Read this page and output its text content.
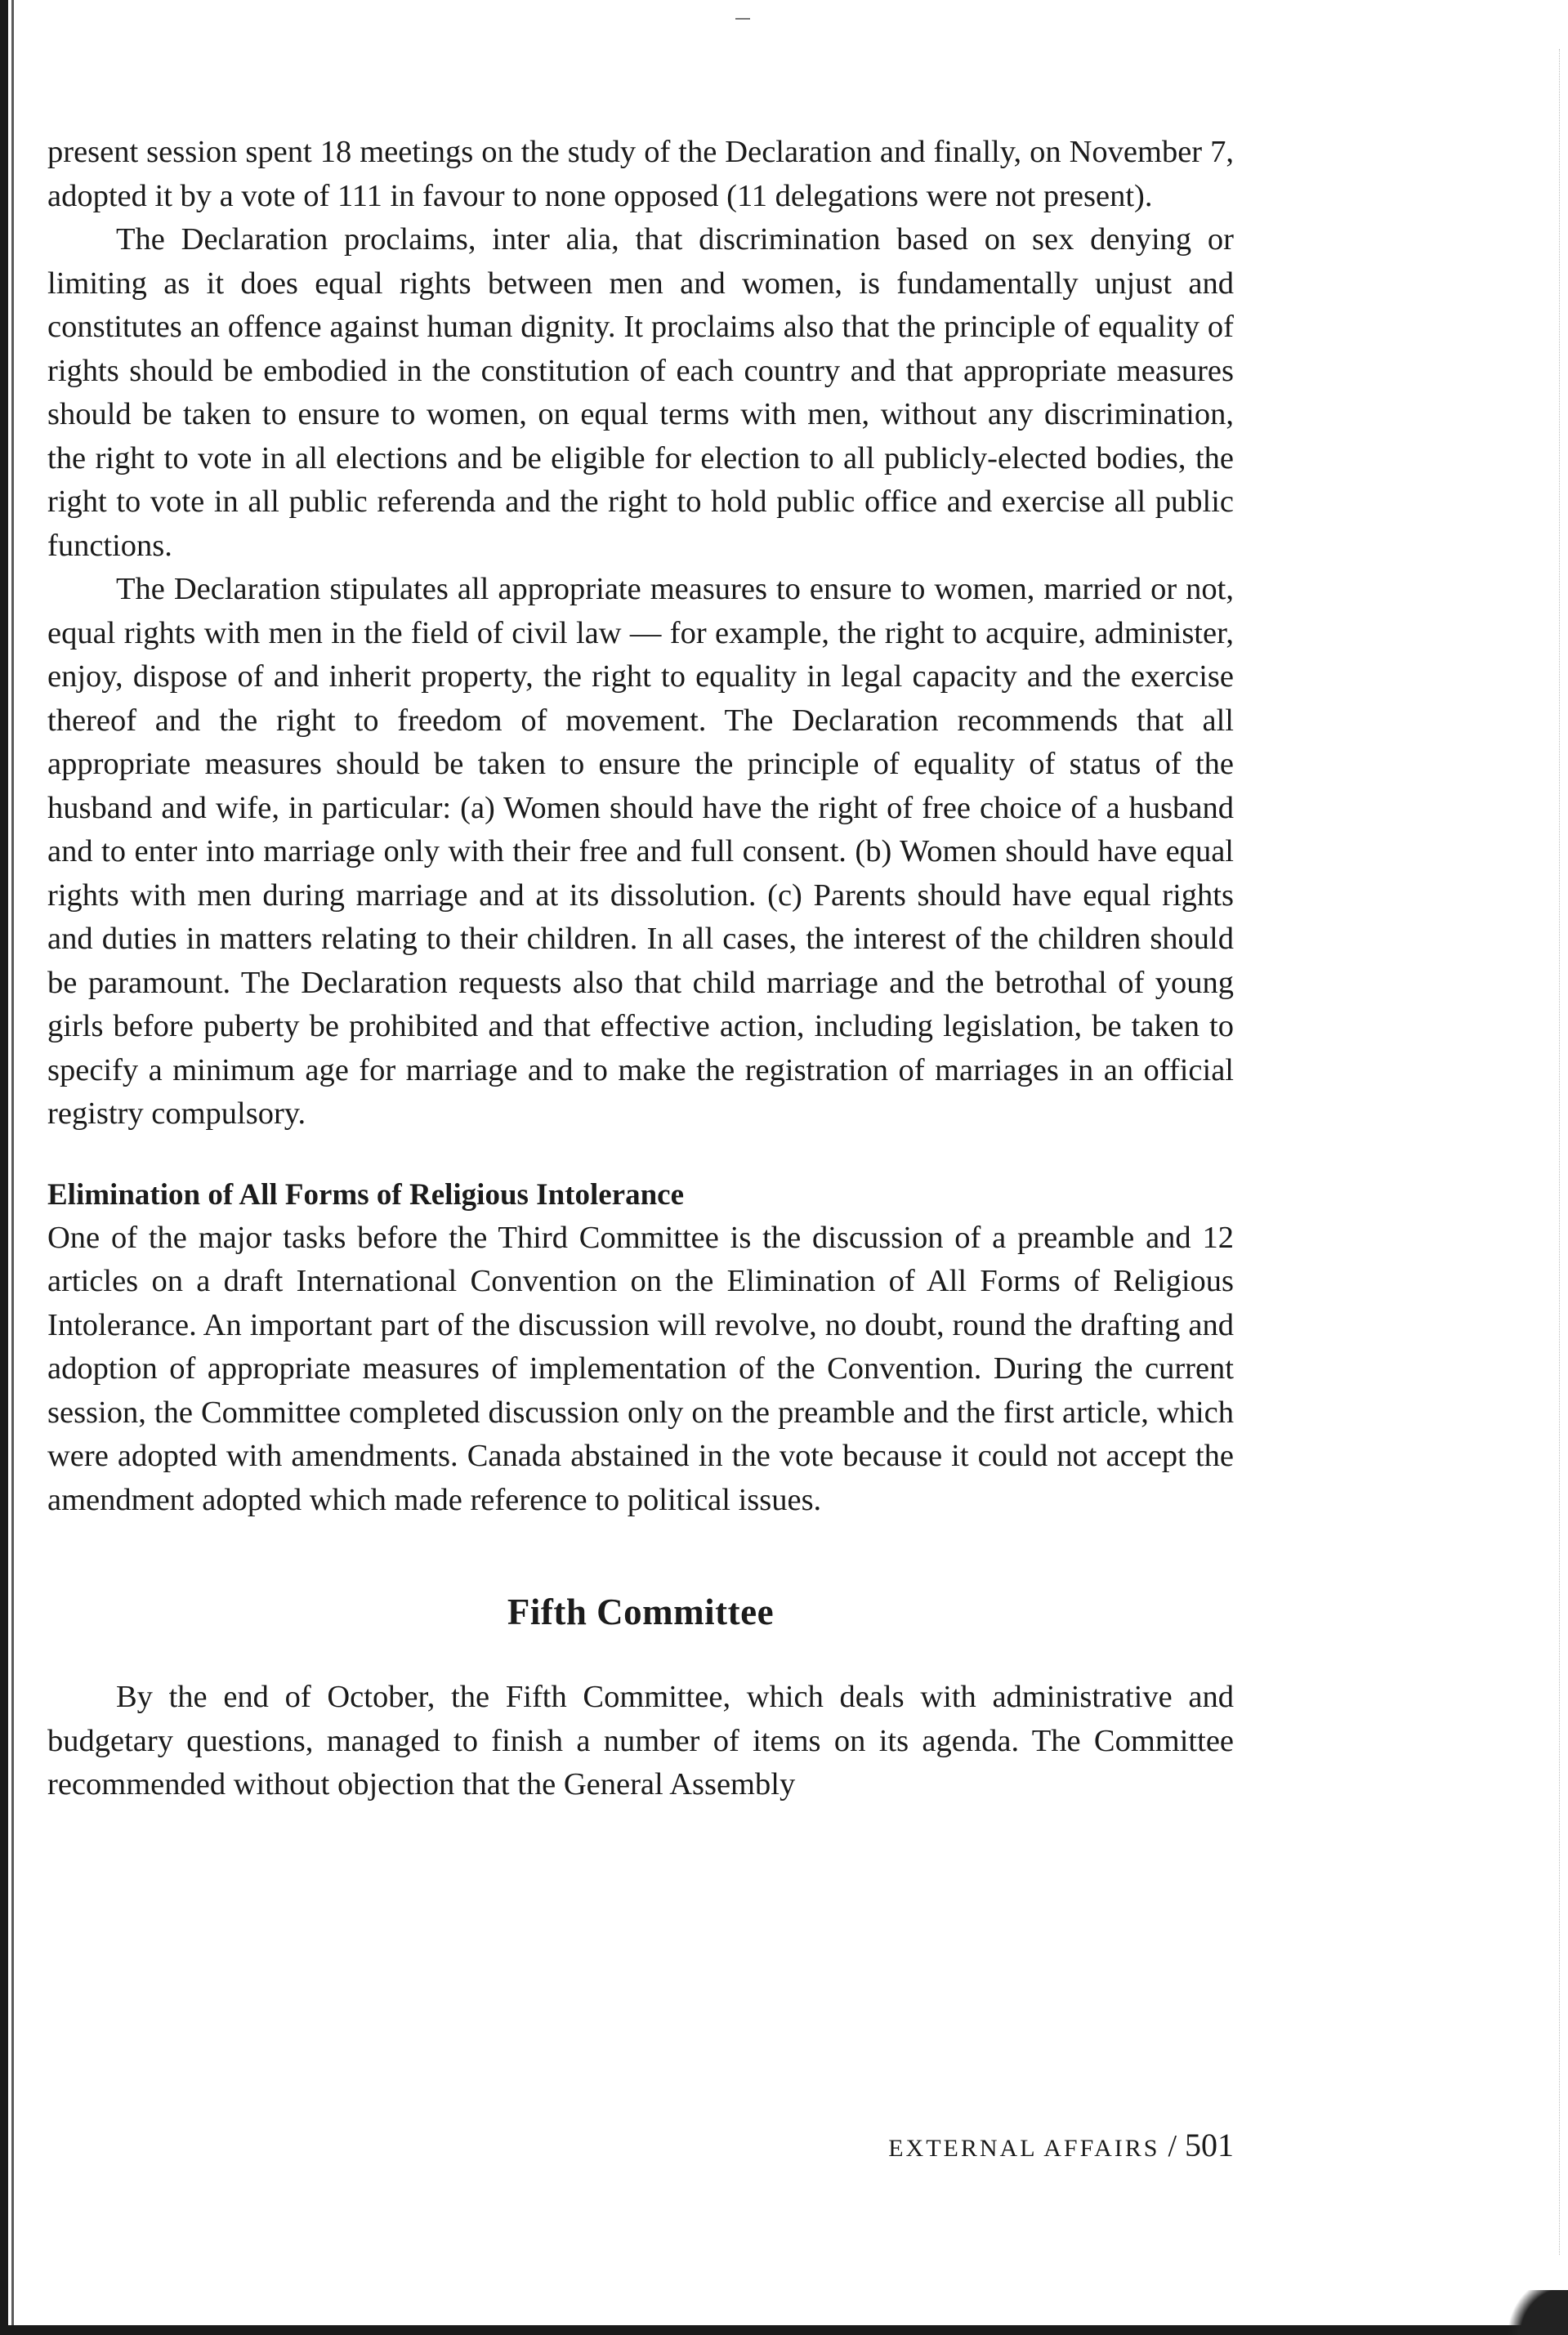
present session spent 18 meetings on the study of the Declaration and finally, on November 7, adopted it by a vote of 111 in favour to none opposed (11 delegations were not present).

The Declaration proclaims, inter alia, that discrimination based on sex denying or limiting as it does equal rights between men and women, is fundamentally unjust and constitutes an offence against human dignity. It proclaims also that the principle of equality of rights should be embodied in the constitution of each country and that appropriate measures should be taken to ensure to women, on equal terms with men, without any discrimination, the right to vote in all elections and be eligible for election to all publicly-elected bodies, the right to vote in all public referenda and the right to hold public office and exercise all public functions.

The Declaration stipulates all appropriate measures to ensure to women, married or not, equal rights with men in the field of civil law — for example, the right to acquire, administer, enjoy, dispose of and inherit property, the right to equality in legal capacity and the exercise thereof and the right to freedom of movement. The Declaration recommends that all appropriate measures should be taken to ensure the principle of equality of status of the husband and wife, in particular: (a) Women should have the right of free choice of a husband and to enter into marriage only with their free and full consent. (b) Women should have equal rights with men during marriage and at its dissolution. (c) Parents should have equal rights and duties in matters relating to their children. In all cases, the interest of the children should be paramount. The Declaration requests also that child marriage and the betrothal of young girls before puberty be prohibited and that effective action, including legislation, be taken to specify a minimum age for marriage and to make the registration of marriages in an official registry compulsory.

Elimination of All Forms of Religious Intolerance

One of the major tasks before the Third Committee is the discussion of a preamble and 12 articles on a draft International Convention on the Elimination of All Forms of Religious Intolerance. An important part of the discussion will revolve, no doubt, round the drafting and adoption of appropriate measures of implementation of the Convention. During the current session, the Committee completed discussion only on the preamble and the first article, which were adopted with amendments. Canada abstained in the vote because it could not accept the amendment adopted which made reference to political issues.

Fifth Committee

By the end of October, the Fifth Committee, which deals with administrative and budgetary questions, managed to finish a number of items on its agenda. The Committee recommended without objection that the General Assembly

EXTERNAL AFFAIRS / 501
